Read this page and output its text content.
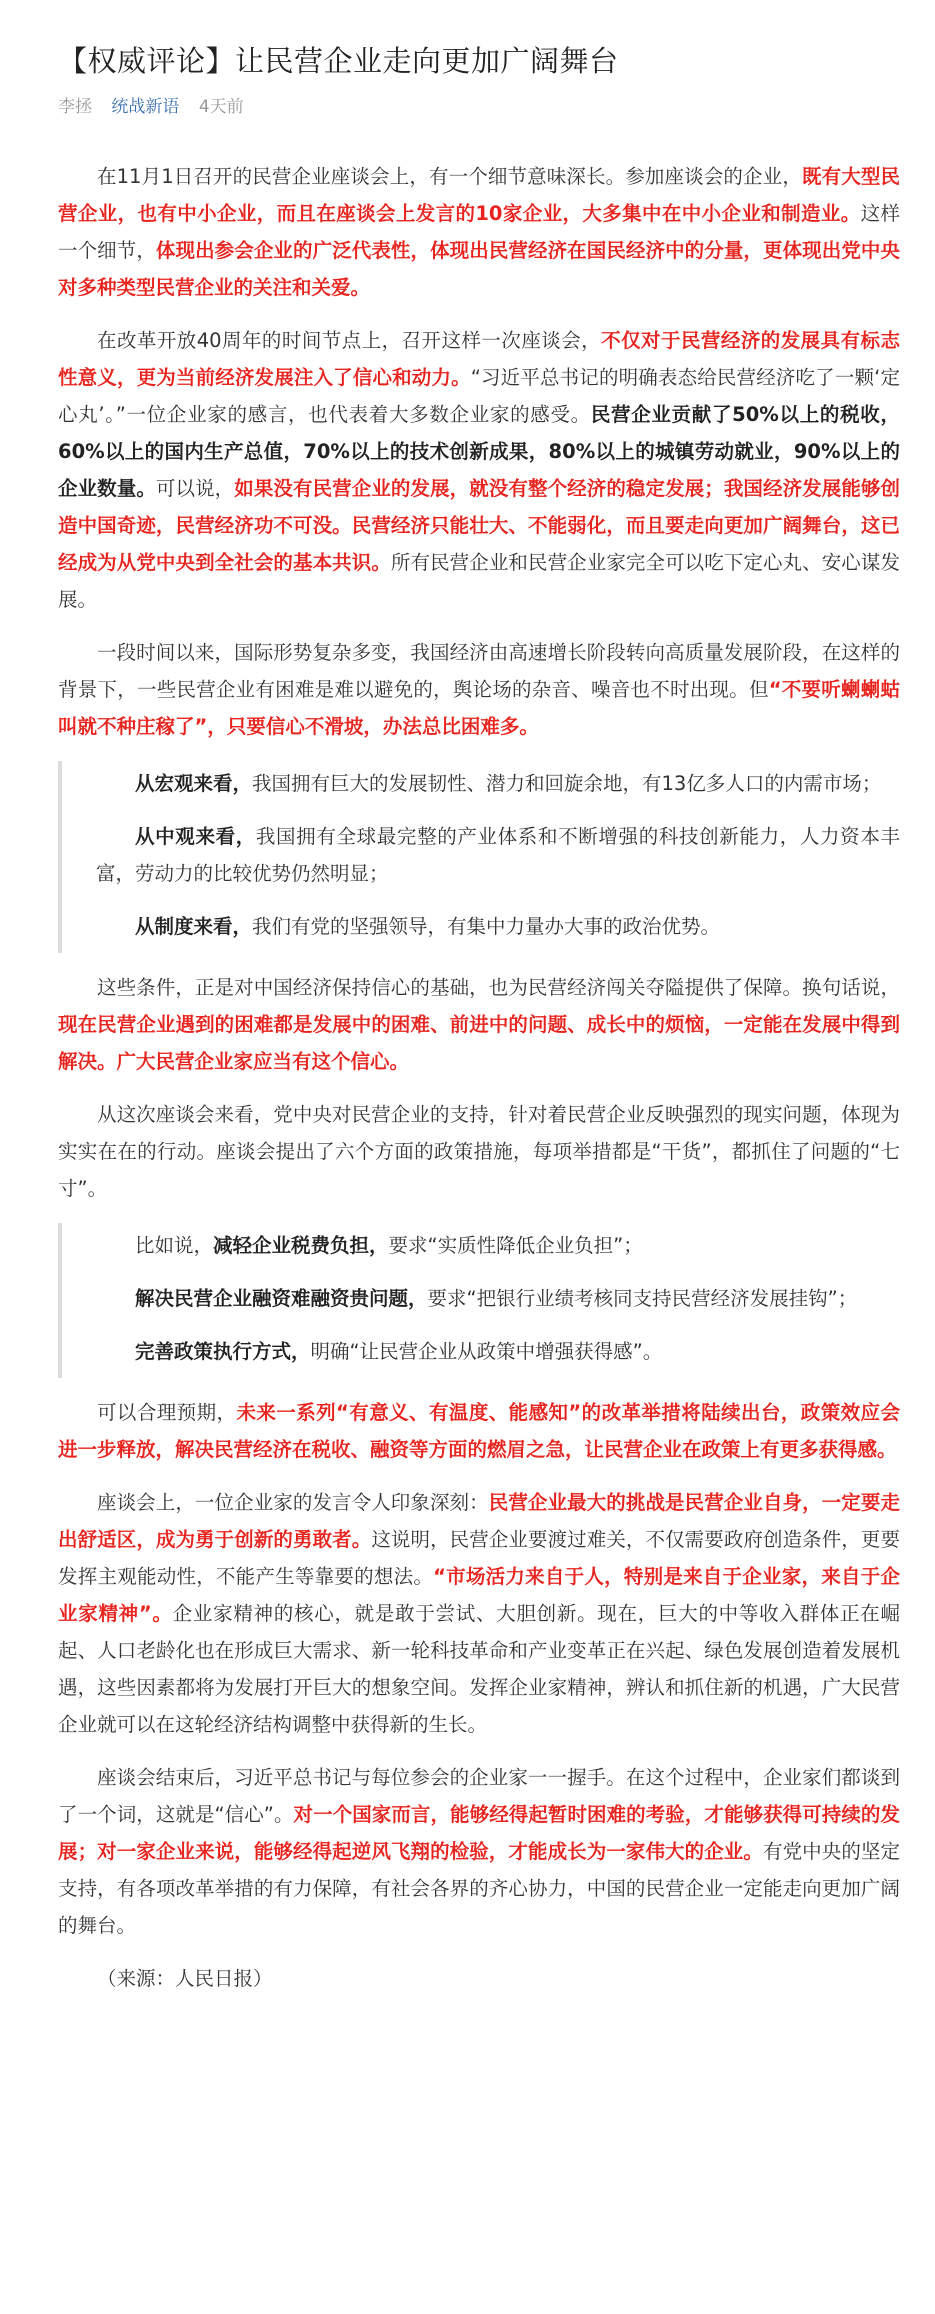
【权威评论】让民营企业走向更加广阔舞台
李拯 统战新语 4天前

在11月1日召开的民营企业座谈会上，有一个细节意味深长。参加座谈会的企业，既有大型民营企业，也有中小企业，而且在座谈会上发言的10家企业，大多集中在中小企业和制造业。这样一个细节，体现出参会企业的广泛代表性，体现出民营经济在国民经济中的分量，更体现出党中央对多种类型民营企业的关注和关爱。

在改革开放40周年的时间节点上，召开这样一次座谈会，不仅对于民营经济的发展具有标志性意义，更为当前经济发展注入了信心和动力。“习近平总书记的明确表态给民营经济吃了一颗‘定心丸’。”一位企业家的感言，也代表着大多数企业家的感受。民营企业贡献了50%以上的税收，60%以上的国内生产总值，70%以上的技术创新成果，80%以上的城镇劳动就业，90%以上的企业数量。可以说，如果没有民营企业的发展，就没有整个经济的稳定发展；我国经济发展能够创造中国奇迹，民营经济功不可没。民营经济只能壮大、不能弱化，而且要走向更加广阔舞台，这已经成为从党中央到全社会的基本共识。所有民营企业和民营企业家完全可以吃下定心丸、安心谋发展。

一段时间以来，国际形势复杂多变，我国经济由高速增长阶段转向高质量发展阶段，在这样的背景下，一些民营企业有困难是难以避免的，舆论场的杂音、噪音也不时出现。但“不要听蝲蝲蛄叫就不种庄稼了”，只要信心不滑坡，办法总比困难多。

从宏观来看，我国拥有巨大的发展韧性、潜力和回旋余地，有13亿多人口的内需市场；

从中观来看，我国拥有全球最完整的产业体系和不断增强的科技创新能力，人力资本丰富，劳动力的比较优势仍然明显；

从制度来看，我们有党的坚强领导，有集中力量办大事的政治优势。

这些条件，正是对中国经济保持信心的基础，也为民营经济闯关夺隘提供了保障。换句话说，现在民营企业遇到的困难都是发展中的困难、前进中的问题、成长中的烦恼，一定能在发展中得到解决。广大民营企业家应当有这个信心。

从这次座谈会来看，党中央对民营企业的支持，针对着民营企业反映强烈的现实问题，体现为实实在在的行动。座谈会提出了六个方面的政策措施，每项举措都是“干货”，都抓住了问题的“七寸”。

比如说，减轻企业税费负担，要求“实质性降低企业负担”；

解决民营企业融资难融资贵问题，要求“把银行业绩考核同支持民营经济发展挂钩”；

完善政策执行方式，明确“让民营企业从政策中增强获得感”。

可以合理预期，未来一系列“有意义、有温度、能感知”的改革举措将陆续出台，政策效应会进一步释放，解决民营经济在税收、融资等方面的燃眉之急，让民营企业在政策上有更多获得感。

座谈会上，一位企业家的发言令人印象深刻：民营企业最大的挑战是民营企业自身，一定要走出舒适区，成为勇于创新的勇敢者。这说明，民营企业要渡过难关，不仅需要政府创造条件，更要发挥主观能动性，不能产生等靠要的想法。“市场活力来自于人，特别是来自于企业家，来自于企业家精神”。企业家精神的核心，就是敢于尝试、大胆创新。现在，巨大的中等收入群体正在崛起、人口老龄化也在形成巨大需求、新一轮科技革命和产业变革正在兴起、绿色发展创造着发展机遇，这些因素都将为发展打开巨大的想象空间。发挥企业家精神，辨认和抓住新的机遇，广大民营企业就可以在这轮经济结构调整中获得新的生长。

座谈会结束后，习近平总书记与每位参会的企业家一一握手。在这个过程中，企业家们都谈到了一个词，这就是“信心”。对一个国家而言，能够经得起暂时困难的考验，才能够获得可持续的发展；对一家企业来说，能够经得起逆风飞翔的检验，才能成长为一家伟大的企业。有党中央的坚定支持，有各项改革举措的有力保障，有社会各界的齐心协力，中国的民营企业一定能走向更加广阔的舞台。

（来源：人民日报）
